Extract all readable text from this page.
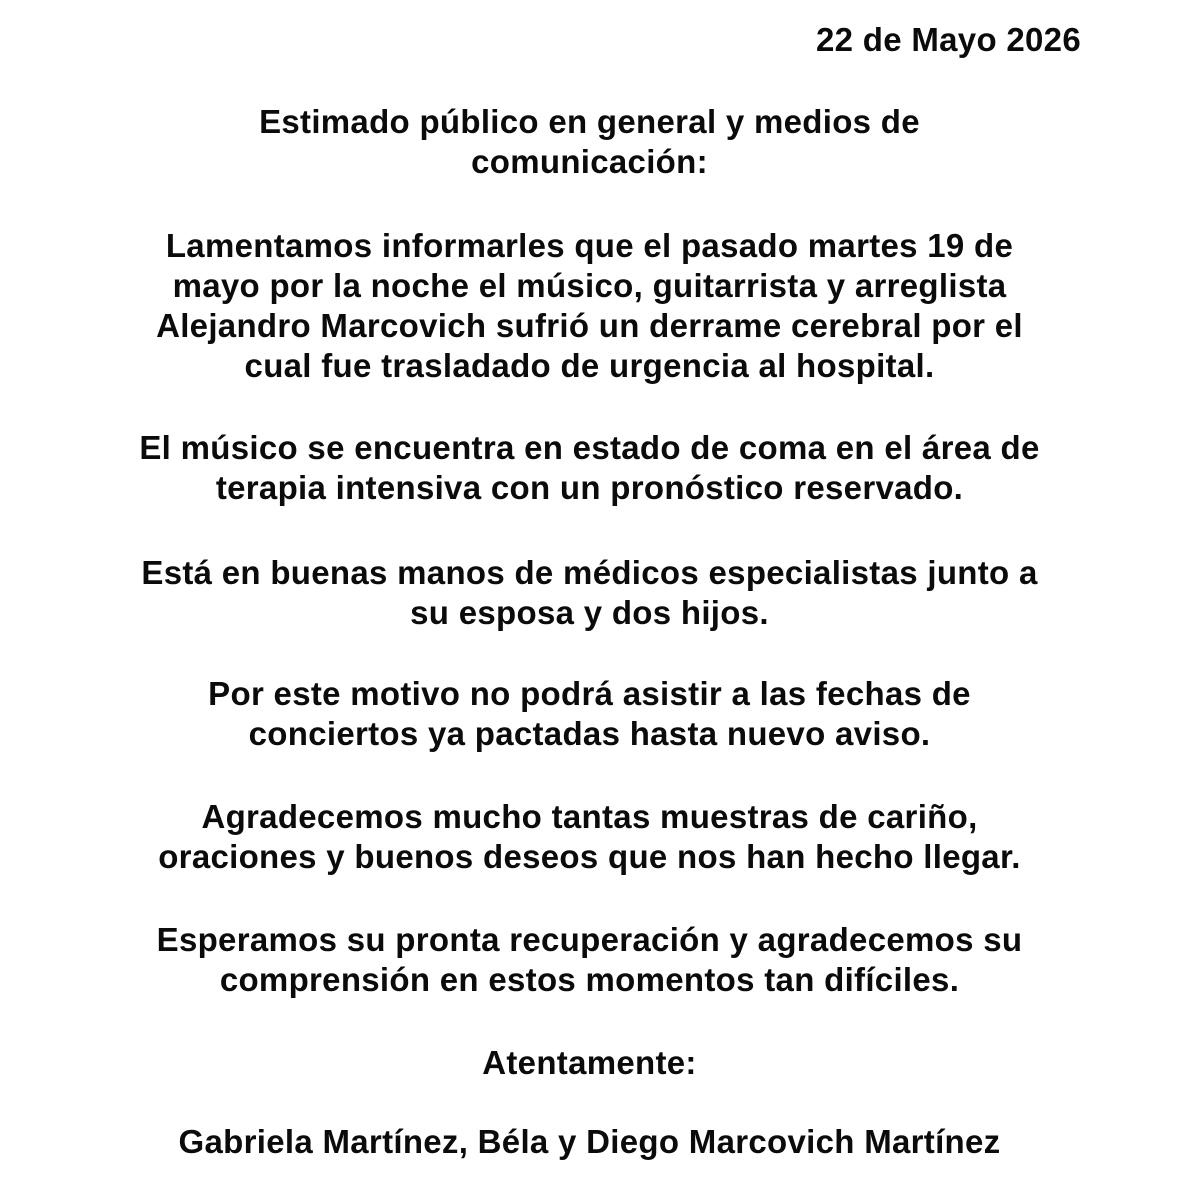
22 de Mayo 2026
Estimado público en general y medios de
comunicación:
Lamentamos informarles que el pasado martes 19 de
mayo por la noche el músico, guitarrista y arreglista
Alejandro Marcovich sufrió un derrame cerebral por el
cual fue trasladado de urgencia al hospital.
El músico se encuentra en estado de coma en el área de
terapia intensiva con un pronóstico reservado.
Está en buenas manos de médicos especialistas junto a
su esposa y dos hijos.
Por este motivo no podrá asistir a las fechas de
conciertos ya pactadas hasta nuevo aviso.
Agradecemos mucho tantas muestras de cariño,
oraciones y buenos deseos que nos han hecho llegar.
Esperamos su pronta recuperación y agradecemos su
comprensión en estos momentos tan difíciles.
Atentamente:
Gabriela Martínez, Béla y Diego Marcovich Martínez
